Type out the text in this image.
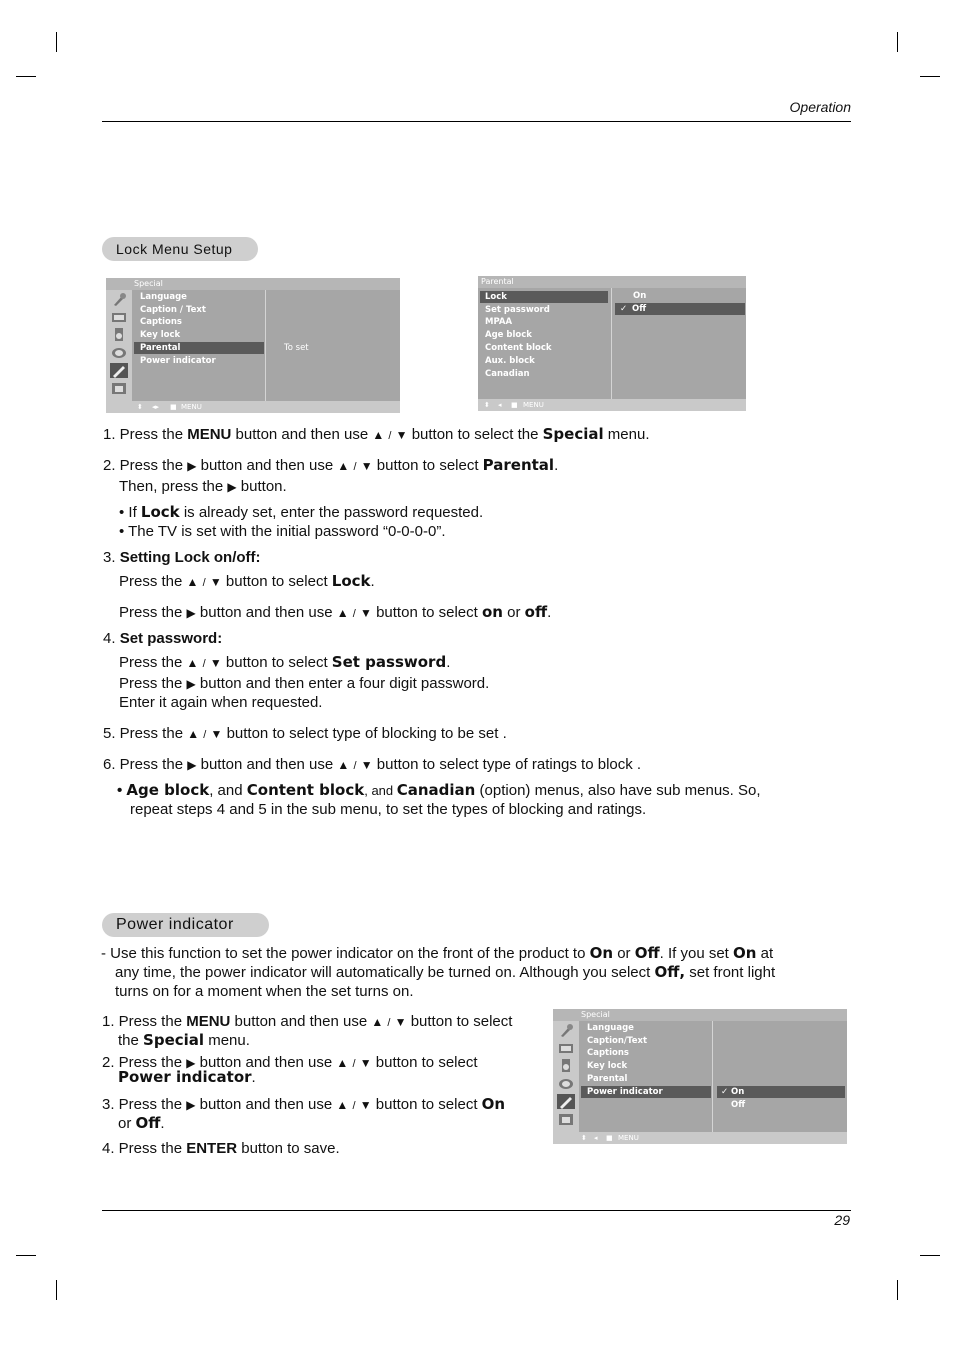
Operation
Lock Menu Setup
Special
Language
Caption / Text
Captions
Key lock
Parental
Power indicator
To set
⬍ ◂▸ ■ MENU
Parental
Lock
Set password
MPAA
Age block
Content block
Aux. block
Canadian
On
✓ Off
⬍ ◂ ■ MENU
1. Press the MENU button and then use ▲ / ▼ button to select the Special menu.
2. Press the ▶ button and then use ▲ / ▼ button to select Parental.
Then, press the ▶ button.
• If Lock is already set, enter the password requested.
• The TV is set with the initial password “0-0-0-0”.
3. Setting Lock on/off:
Press the ▲ / ▼ button to select Lock.
Press the ▶ button and then use ▲ / ▼ button to select on or off.
4. Set password:
Press the ▲ / ▼ button to select Set password.
Press the ▶ button and then enter a four digit password.
Enter it again when requested.
5. Press the ▲ / ▼ button to select type of blocking to be set .
6. Press the ▶ button and then use ▲ / ▼ button to select type of ratings to block .
• Age block, and Content block, and Canadian (option) menus, also have sub menus. So,
repeat steps 4 and 5 in the sub menu, to set the types of blocking and ratings.
Power indicator
- Use this function to set the power indicator on the front of the product to On or Off. If you set On at
any time, the power indicator will automatically be turned on. Although you select Off, set front light
turns on for a moment when the set turns on.
1. Press the MENU button and then use ▲ / ▼ button to select
the Special menu.
2. Press the ▶ button and then use ▲ / ▼ button to select
Power indicator.
3. Press the ▶ button and then use ▲ / ▼ button to select On
or Off.
4. Press the ENTER button to save.
Special
Language
Caption/Text
Captions
Key lock
Parental
Power indicator	✓ On
Off
⬍ ◂ ■ MENU
29
